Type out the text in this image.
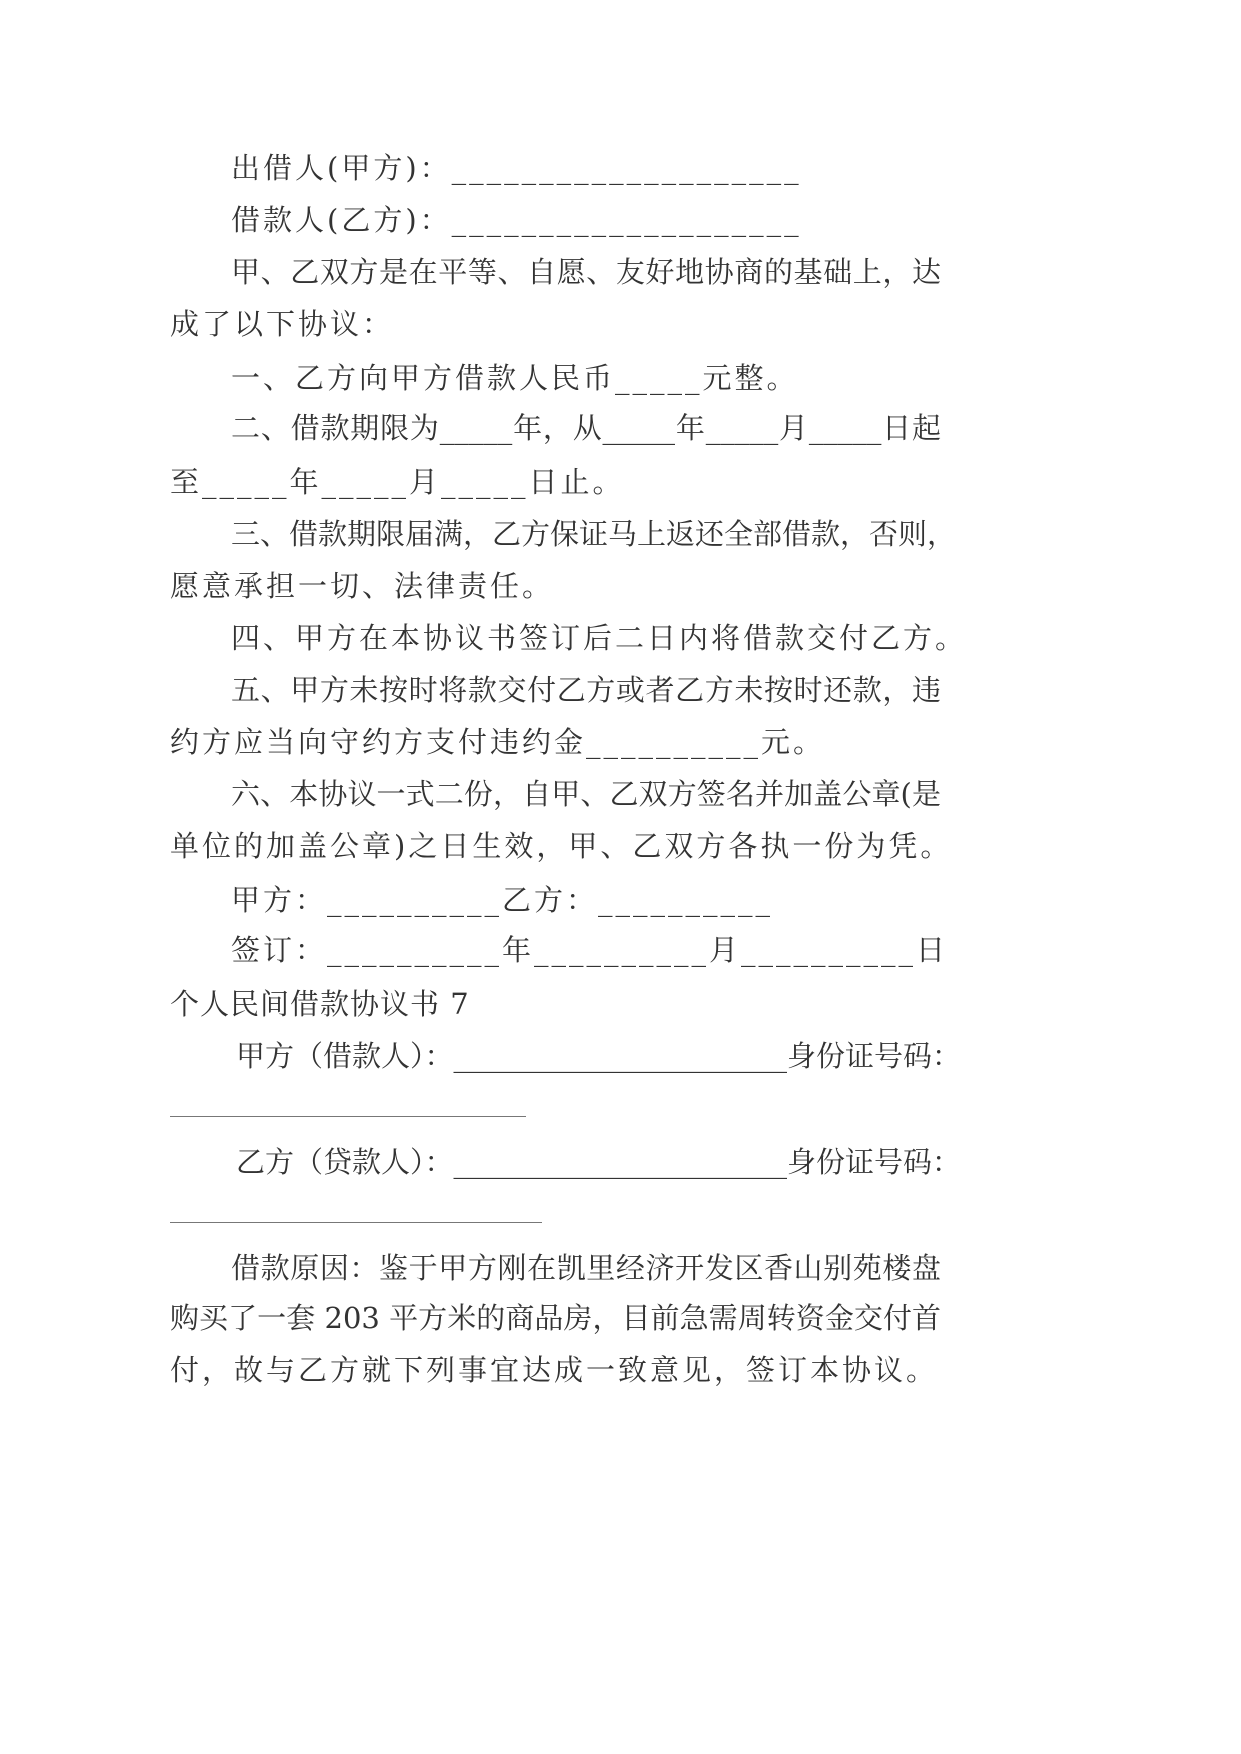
出借人(甲方)：____________________
借款人(乙方)：____________________
甲、乙双方是在平等、自愿、友好地协商的基础上，达
成了以下协议：
一、乙方向甲方借款人民币_____元整。
二、借款期限为_____年，从_____年_____月_____日起
至_____年_____月_____日止。
三、借款期限届满，乙方保证马上返还全部借款，否则，
愿意承担一切、法律责任。
四、甲方在本协议书签订后二日内将借款交付乙方。
五、甲方未按时将款交付乙方或者乙方未按时还款，违
约方应当向守约方支付违约金__________元。
六、本协议一式二份，自甲、乙双方签名并加盖公章(是
单位的加盖公章)之日生效，甲、乙双方各执一份为凭。
甲方：__________乙方：__________
签订：__________年__________月__________日
个人民间借款协议书 7
甲方（借款人）：_______________________身份证号码：
乙方（贷款人）：_______________________身份证号码：
借款原因：鉴于甲方刚在凯里经济开发区香山别苑楼盘
购买了一套 203 平方米的商品房，目前急需周转资金交付首
付，故与乙方就下列事宜达成一致意见，签订本协议。
